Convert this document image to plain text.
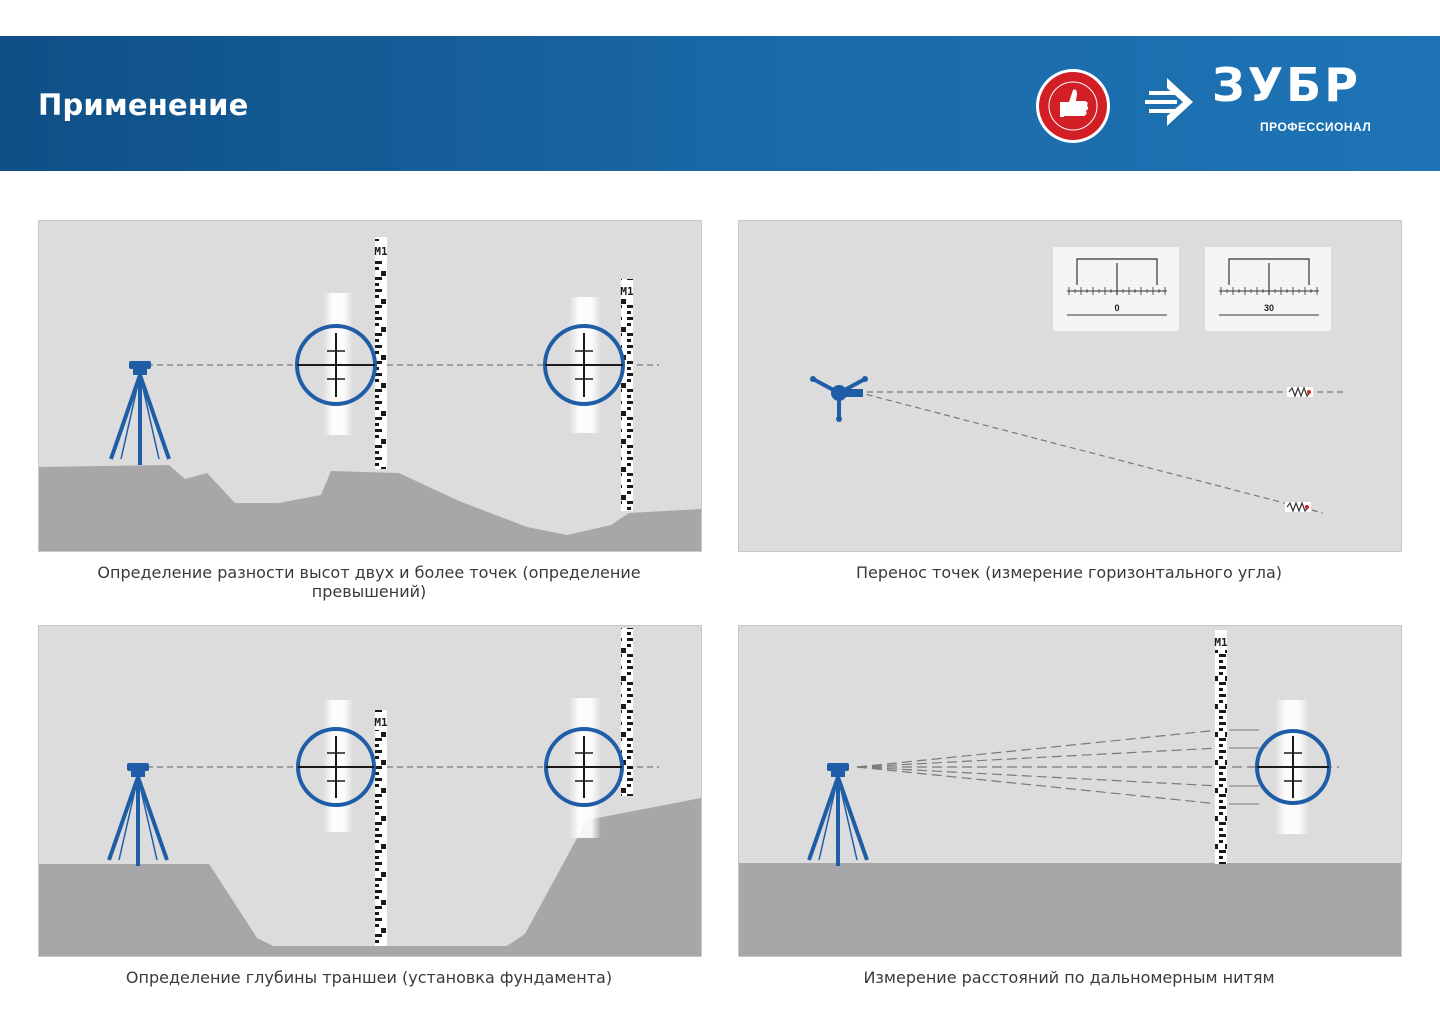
Применение	ЗУБР
ПРОФЕССИОНАЛ
М1
М1
Определение разности высот двух и более точек (определение превышений)
0	30
Перенос точек (измерение горизонтального угла)
М1
Определение глубины траншеи (установка фундамента)
М1
Измерение расстояний по дальномерным нитям
